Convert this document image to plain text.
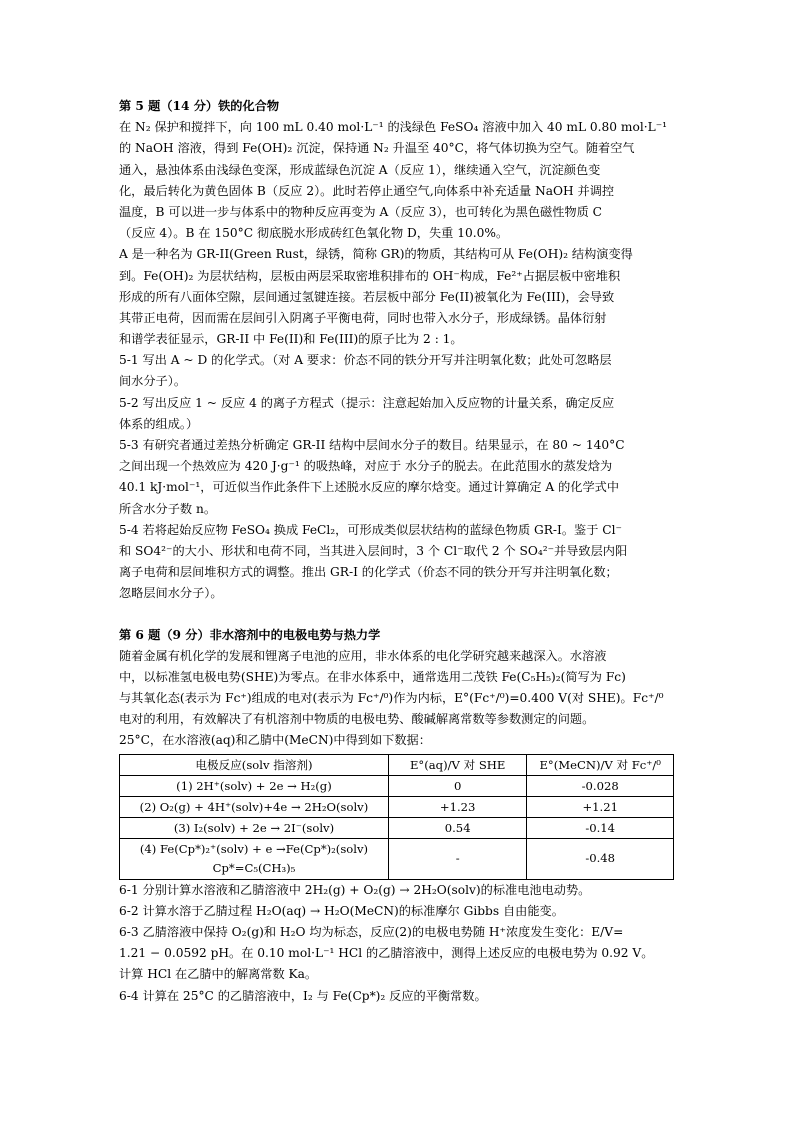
第 5 题（14 分）铁的化合物
在 N₂ 保护和搅拌下，向 100 mL 0.40 mol·L⁻¹ 的浅绿色 FeSO₄ 溶液中加入 40 mL 0.80 mol·L⁻¹
的 NaOH 溶液，得到 Fe(OH)₂ 沉淀，保持通 N₂ 升温至 40°C，将气体切换为空气。随着空气
通入，悬浊体系由浅绿色变深，形成蓝绿色沉淀 A（反应 1），继续通入空气，沉淀颜色变
化，最后转化为黄色固体 B（反应 2）。此时若停止通空气,向体系中补充适量 NaOH 并调控
温度，B 可以进一步与体系中的物种反应再变为 A（反应 3），也可转化为黑色磁性物质 C
（反应 4）。B 在 150°C 彻底脱水形成砖红色氧化物 D，失重 10.0%。
A 是一种名为 GR-II(Green Rust，绿锈，简称 GR)的物质，其结构可从 Fe(OH)₂ 结构演变得
到。Fe(OH)₂ 为层状结构，层板由两层采取密堆积排布的 OH⁻构成，Fe²⁺占据层板中密堆积
形成的所有八面体空隙，层间通过氢键连接。若层板中部分 Fe(II)被氧化为 Fe(III)，会导致
其带正电荷，因而需在层间引入阴离子平衡电荷，同时也带入水分子，形成绿锈。晶体衍射
和谱学表征显示，GR-II 中 Fe(II)和 Fe(III)的原子比为 2 : 1。
5-1 写出 A ~ D 的化学式。（对 A 要求：价态不同的铁分开写并注明氧化数；此处可忽略层
间水分子）。
5-2 写出反应 1 ~ 反应 4 的离子方程式（提示：注意起始加入反应物的计量关系，确定反应
体系的组成。）
5-3 有研究者通过差热分析确定 GR-II 结构中层间水分子的数目。结果显示，在 80 ~ 140°C
之间出现一个热效应为 420 J·g⁻¹ 的吸热峰，对应于 水分子的脱去。在此范围水的蒸发焓为
40.1 kJ·mol⁻¹，可近似当作此条件下上述脱水反应的摩尔焓变。通过计算确定 A 的化学式中
所含水分子数 n。
5-4 若将起始反应物 FeSO₄ 换成 FeCl₂，可形成类似层状结构的蓝绿色物质 GR-I。鉴于 Cl⁻
和 SO4²⁻的大小、形状和电荷不同，当其进入层间时，3 个 Cl⁻取代 2 个 SO₄²⁻并导致层内阳
离子电荷和层间堆积方式的调整。推出 GR-I 的化学式（价态不同的铁分开写并注明氧化数；
忽略层间水分子）。
第 6 题（9 分）非水溶剂中的电极电势与热力学
随着金属有机化学的发展和锂离子电池的应用，非水体系的电化学研究越来越深入。水溶液
中，以标准氢电极电势(SHE)为零点。在非水体系中，通常选用二茂铁 Fe(C₅H₅)₂(简写为 Fc)
与其氧化态(表示为 Fc⁺)组成的电对(表示为 Fc⁺/⁰)作为内标，E°(Fc⁺/⁰)=0.400 V(对 SHE)。Fc⁺/⁰
电对的利用，有效解决了有机溶剂中物质的电极电势、酸碱解离常数等参数测定的问题。
25°C，在水溶液(aq)和乙腈中(MeCN)中得到如下数据：
电极反应(solv 指溶剂)	E°(aq)/V 对 SHE	E°(MeCN)/V 对 Fc⁺/⁰
(1) 2H⁺(solv) + 2e → H₂(g)	0	-0.028
(2) O₂(g) + 4H⁺(solv)+4e → 2H₂O(solv)	+1.23	+1.21
(3) I₂(solv) + 2e → 2I⁻(solv)	0.54	-0.14

(4) Fe(Cp*)₂⁺(solv) + e →Fe(Cp*)₂(solv)
Cp*=C₅(CH₃)₅	-	-0.48
6-1 分别计算水溶液和乙腈溶液中 2H₂(g) + O₂(g) → 2H₂O(solv)的标准电池电动势。
6-2 计算水溶于乙腈过程 H₂O(aq) → H₂O(MeCN)的标准摩尔 Gibbs 自由能变。
6-3 乙腈溶液中保持 O₂(g)和 H₂O 均为标态，反应(2)的电极电势随 H⁺浓度发生变化：E/V=
1.21 − 0.0592 pH。在 0.10 mol·L⁻¹ HCl 的乙腈溶液中，测得上述反应的电极电势为 0.92 V。
计算 HCl 在乙腈中的解离常数 Ka。
6-4 计算在 25°C 的乙腈溶液中，I₂ 与 Fe(Cp*)₂ 反应的平衡常数。
